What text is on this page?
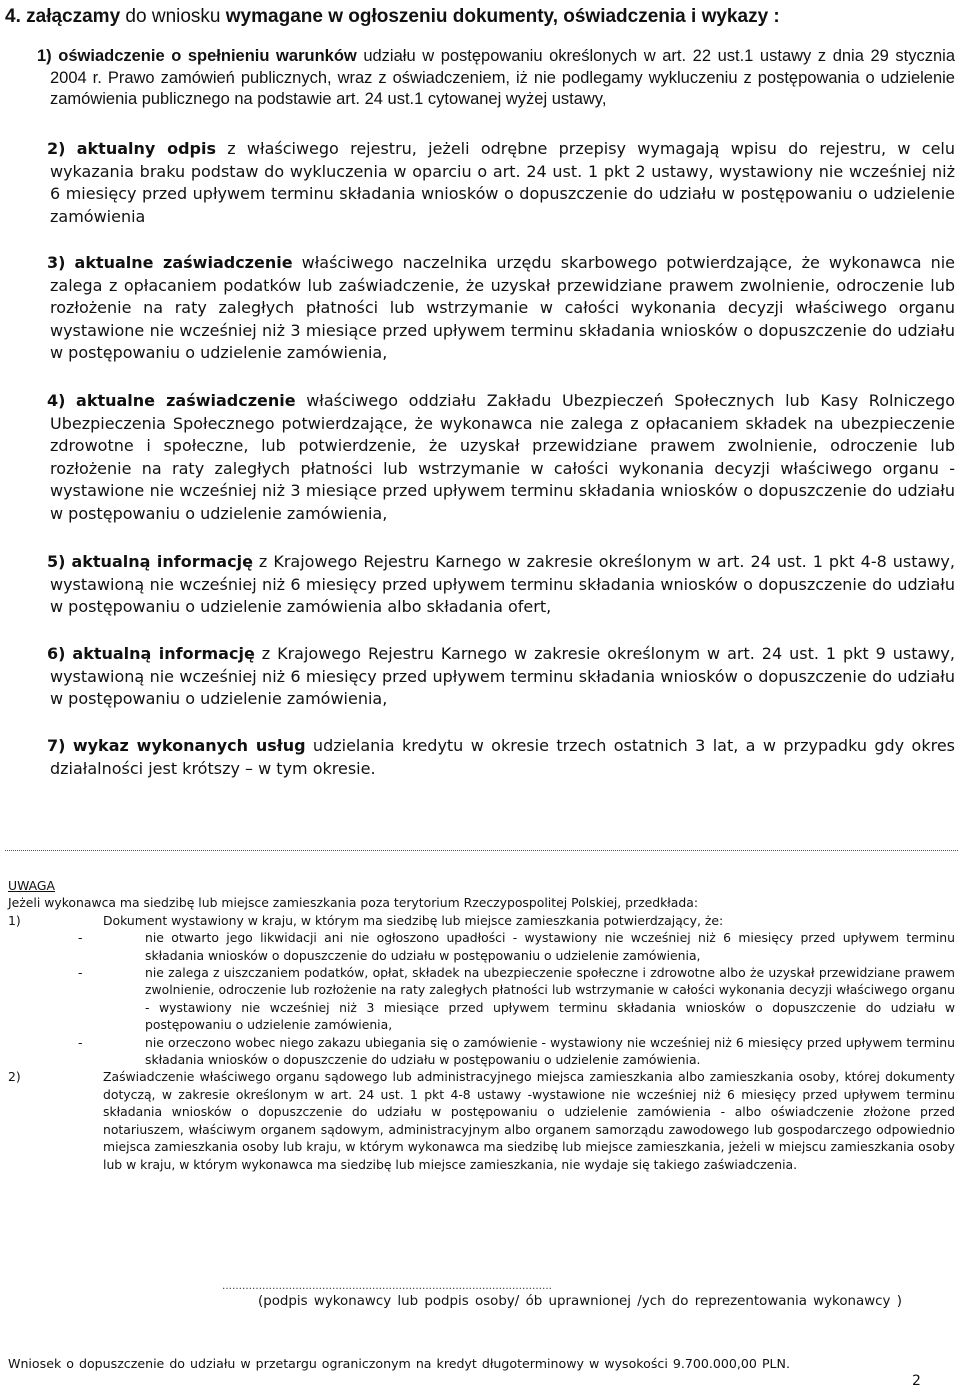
4. załączamy do wniosku wymagane w ogłoszeniu dokumenty, oświadczenia i wykazy :
1) oświadczenie o spełnieniu warunków udziału w postępowaniu określonych w art. 22 ust.1 ustawy z dnia 29 stycznia 2004 r. Prawo zamówień publicznych, wraz z oświadczeniem, iż nie podlegamy wykluczeniu z postępowania o udzielenie zamówienia publicznego na podstawie art. 24 ust.1 cytowanej wyżej ustawy,
2) aktualny odpis z właściwego rejestru, jeżeli odrębne przepisy wymagają wpisu do rejestru, w celu wykazania braku podstaw do wykluczenia w oparciu o art. 24 ust. 1 pkt 2 ustawy, wystawiony nie wcześniej niż 6 miesięcy przed upływem terminu składania wniosków o dopuszczenie do udziału w postępowaniu o udzielenie zamówienia
3) aktualne zaświadczenie właściwego naczelnika urzędu skarbowego potwierdzające, że wykonawca nie zalega z opłacaniem podatków lub zaświadczenie, że uzyskał przewidziane prawem zwolnienie, odroczenie lub rozłożenie na raty zaległych płatności lub wstrzymanie w całości wykonania decyzji właściwego organu wystawione nie wcześniej niż 3 miesiące przed upływem terminu składania wniosków o dopuszczenie do udziału w postępowaniu o udzielenie zamówienia,
4) aktualne zaświadczenie właściwego oddziału Zakładu Ubezpieczeń Społecznych lub Kasy Rolniczego Ubezpieczenia Społecznego potwierdzające, że wykonawca nie zalega z opłacaniem składek na ubezpieczenie zdrowotne i społeczne, lub potwierdzenie, że uzyskał przewidziane prawem zwolnienie, odroczenie lub rozłożenie na raty zaległych płatności lub wstrzymanie w całości wykonania decyzji właściwego organu -wystawione nie wcześniej niż 3 miesiące przed upływem terminu składania wniosków o dopuszczenie do udziału w postępowaniu o udzielenie zamówienia,
5) aktualną informację z Krajowego Rejestru Karnego w zakresie określonym w art. 24 ust. 1 pkt 4-8 ustawy, wystawioną nie wcześniej niż 6 miesięcy przed upływem terminu składania wniosków o dopuszczenie do udziału w postępowaniu o udzielenie zamówienia albo składania ofert,
6) aktualną informację z Krajowego Rejestru Karnego w zakresie określonym w art. 24 ust. 1 pkt 9 ustawy, wystawioną nie wcześniej niż 6 miesięcy przed upływem terminu składania wniosków o dopuszczenie do udziału w postępowaniu o udzielenie zamówienia,
7) wykaz wykonanych usług udzielania kredytu w okresie trzech ostatnich 3 lat, a w przypadku gdy okres działalności jest krótszy – w tym okresie.
UWAGA
Jeżeli wykonawca ma siedzibę lub miejsce zamieszkania poza terytorium Rzeczypospolitej Polskiej, przedkłada:
1)	Dokument wystawiony w kraju, w którym ma siedzibę lub miejsce zamieszkania potwierdzający, że:
-	nie otwarto jego likwidacji ani nie ogłoszono upadłości - wystawiony nie wcześniej niż 6 miesięcy przed upływem terminu składania wniosków o dopuszczenie do udziału w postępowaniu o udzielenie zamówienia,
-	nie zalega z uiszczaniem podatków, opłat, składek na ubezpieczenie społeczne i zdrowotne albo że uzyskał przewidziane prawem zwolnienie, odroczenie lub rozłożenie na raty zaległych płatności lub wstrzymanie w całości wykonania decyzji właściwego organu - wystawiony nie wcześniej niż 3 miesiące przed upływem terminu składania wniosków o dopuszczenie do udziału w postępowaniu o udzielenie zamówienia,
-	nie orzeczono wobec niego zakazu ubiegania się o zamówienie - wystawiony nie wcześniej niż 6 miesięcy przed upływem terminu składania wniosków o dopuszczenie do udziału w postępowaniu o udzielenie zamówienia.
2)	Zaświadczenie właściwego organu sądowego lub administracyjnego miejsca zamieszkania albo zamieszkania osoby, której dokumenty dotyczą, w zakresie określonym w art. 24 ust. 1 pkt 4-8 ustawy -wystawione nie wcześniej niż 6 miesięcy przed upływem terminu składania wniosków o dopuszczenie do udziału w postępowaniu o udzielenie zamówienia - albo oświadczenie złożone przed notariuszem, właściwym organem sądowym, administracyjnym albo organem samorządu zawodowego lub gospodarczego odpowiednio miejsca zamieszkania osoby lub kraju, w którym wykonawca ma siedzibę lub miejsce zamieszkania, jeżeli w miejscu zamieszkania osoby lub w kraju, w którym wykonawca ma siedzibę lub miejsce zamieszkania, nie wydaje się takiego zaświadczenia.
………………………………………………………………………………………
(podpis wykonawcy lub podpis osoby/ ób uprawnionej /ych do reprezentowania wykonawcy )
Wniosek o dopuszczenie do udziału w przetargu ograniczonym na kredyt długoterminowy w wysokości 9.700.000,00 PLN.
2
